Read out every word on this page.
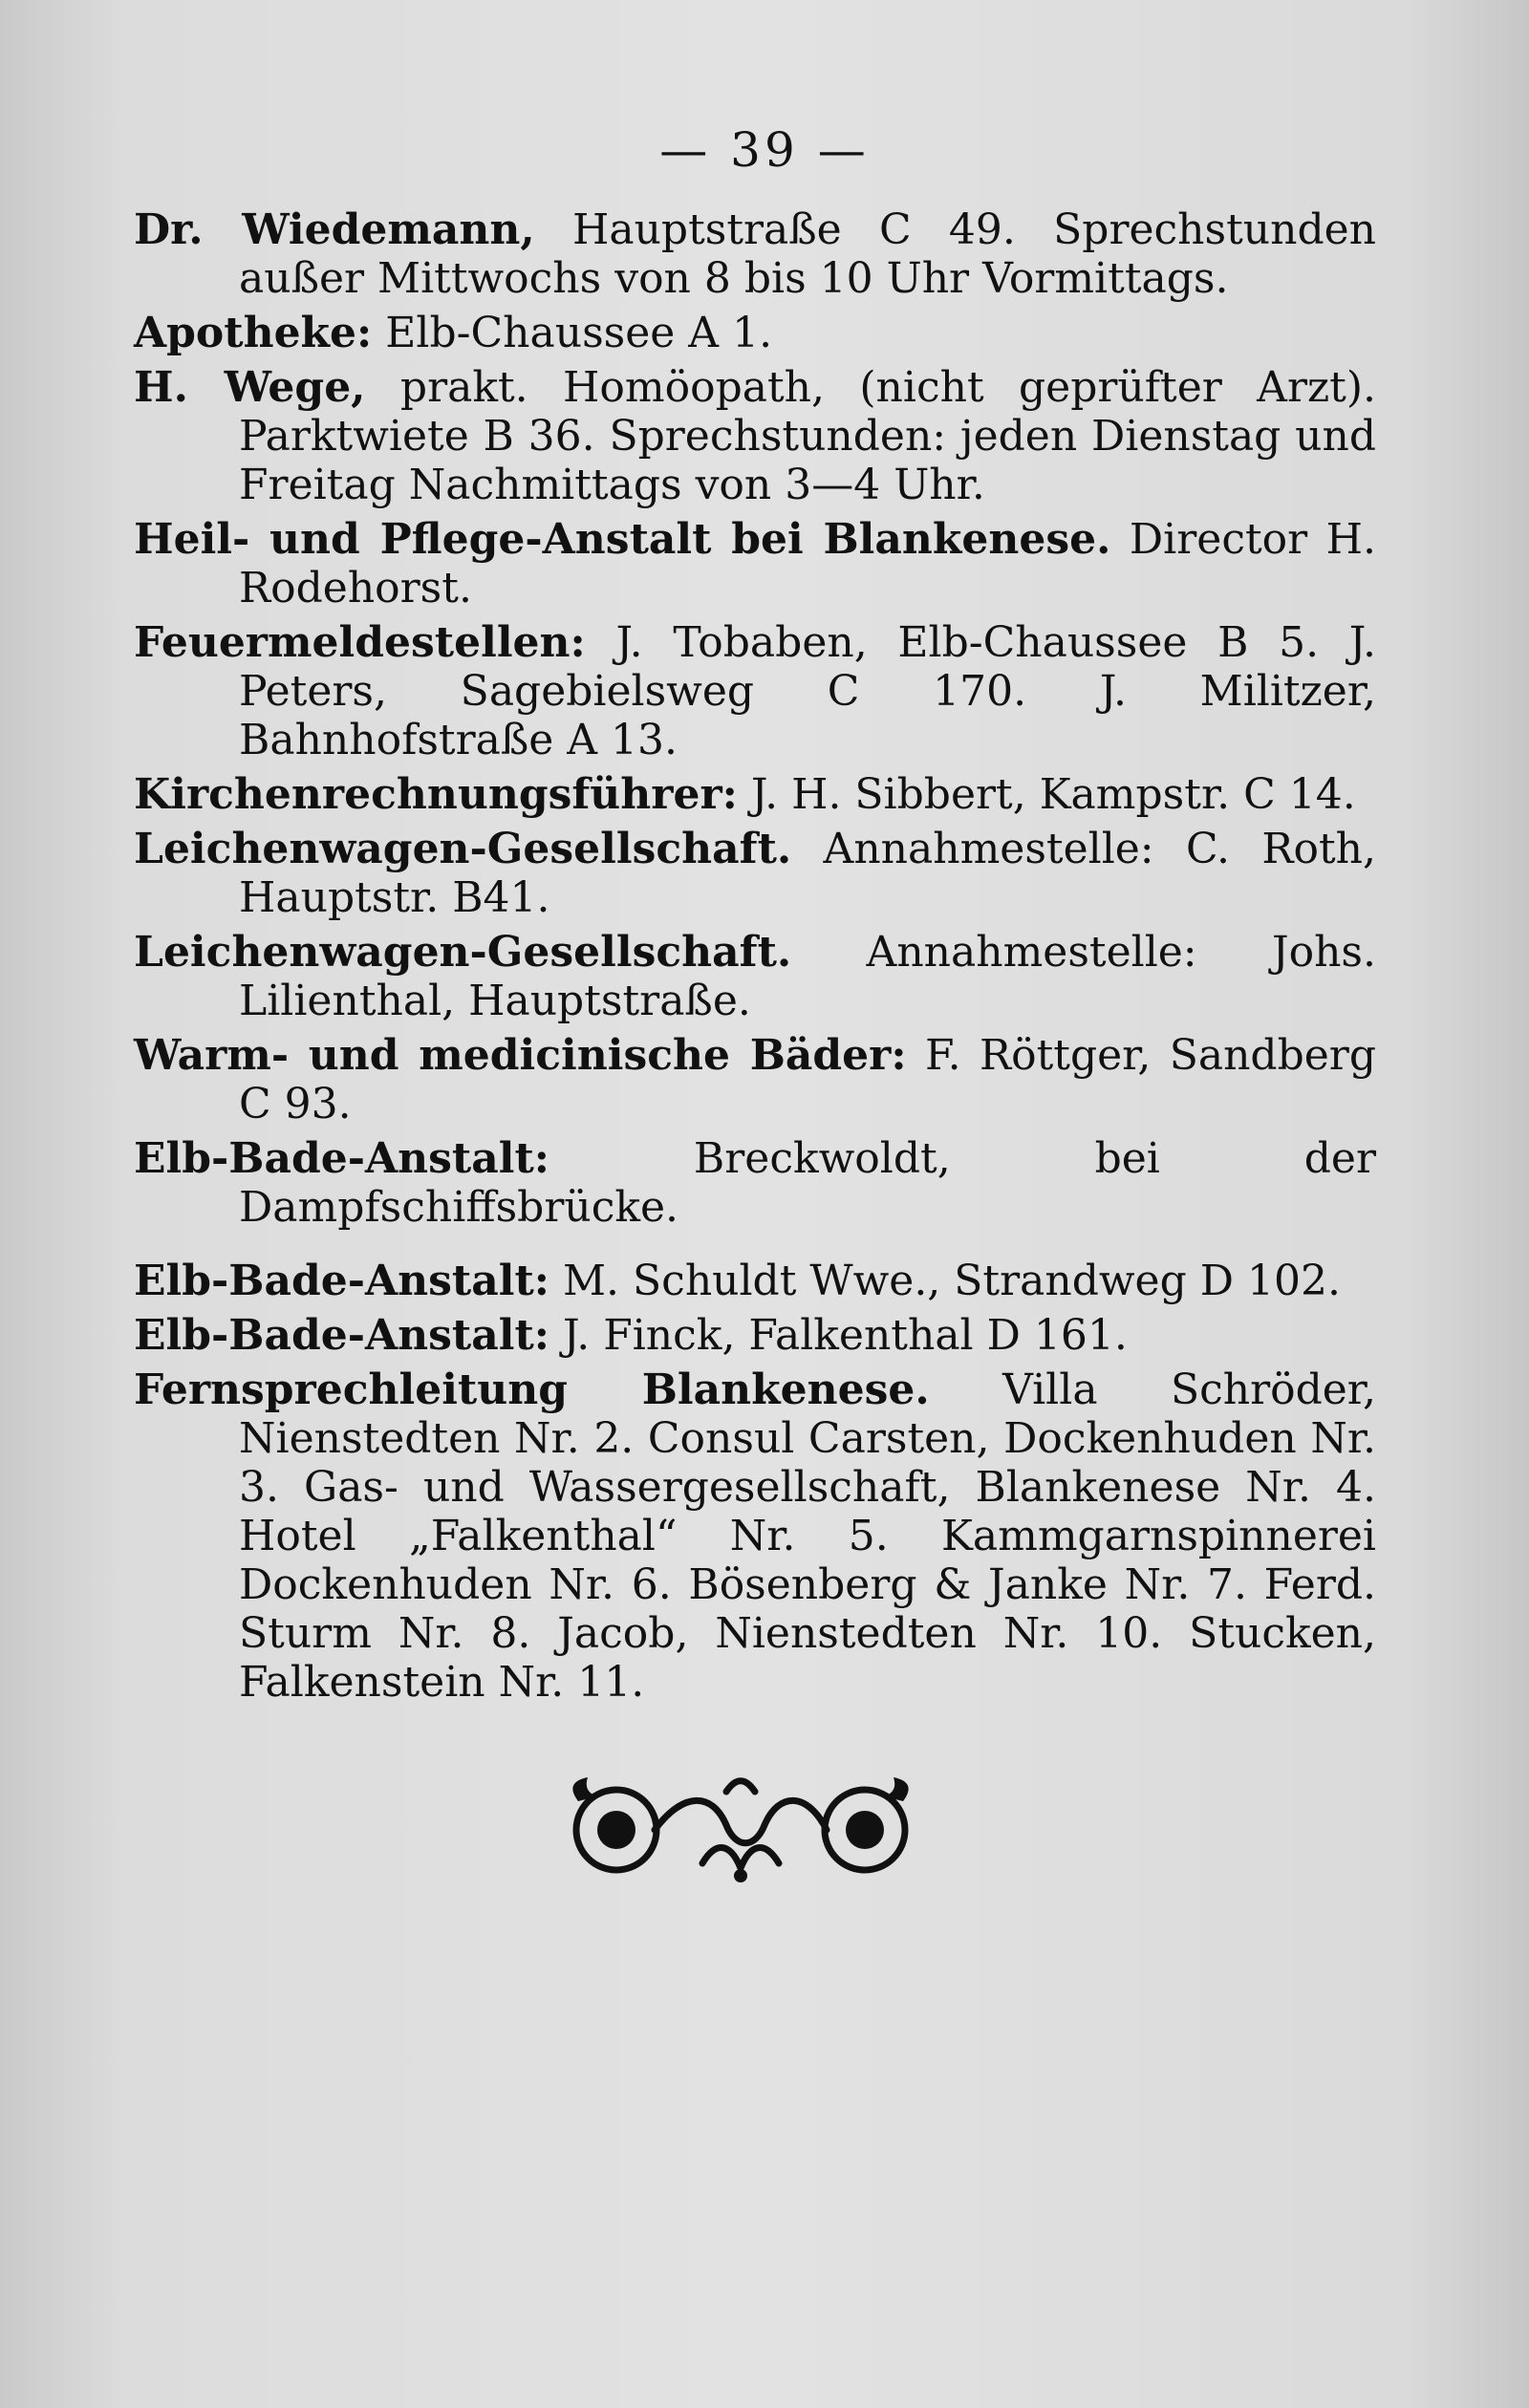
— 39 —

Dr. Wiedemann, Hauptstraße C 49. Sprechstunden außer Mittwochs von 8 bis 10 Uhr Vormittags.

Apotheke: Elb-Chaussee A 1.

H. Wege, prakt. Homöopath, (nicht geprüfter Arzt). Parktwiete B 36. Sprechstunden: jeden Dienstag und Freitag Nachmittags von 3—4 Uhr.

Heil- und Pflege-Anstalt bei Blankenese. Director H. Rodehorst.

Feuermeldestellen: J. Tobaben, Elb-Chaussee B 5. J. Peters, Sagebielsweg C 170. J. Militzer, Bahnhofstraße A 13.

Kirchenrechnungsführer: J. H. Sibbert, Kampstr. C 14.

Leichenwagen-Gesellschaft. Annahmestelle: C. Roth, Hauptstr. B41.

Leichenwagen-Gesellschaft. Annahmestelle: Johs. Lilienthal, Hauptstraße.

Warm- und medicinische Bäder: F. Röttger, Sandberg C 93.

Elb-Bade-Anstalt: Breckwoldt, bei der Dampfschiffsbrücke.

Elb-Bade-Anstalt: M. Schuldt Wwe., Strandweg D 102.

Elb-Bade-Anstalt: J. Finck, Falkenthal D 161.

Fernsprechleitung Blankenese. Villa Schröder, Nienstedten Nr. 2. Consul Carsten, Dockenhuden Nr. 3. Gas- und Wassergesellschaft, Blankenese Nr. 4. Hotel „Falkenthal“ Nr. 5. Kammgarnspinnerei Dockenhuden Nr. 6. Bösenberg & Janke Nr. 7. Ferd. Sturm Nr. 8. Jacob, Nienstedten Nr. 10. Stucken, Falkenstein Nr. 11.
